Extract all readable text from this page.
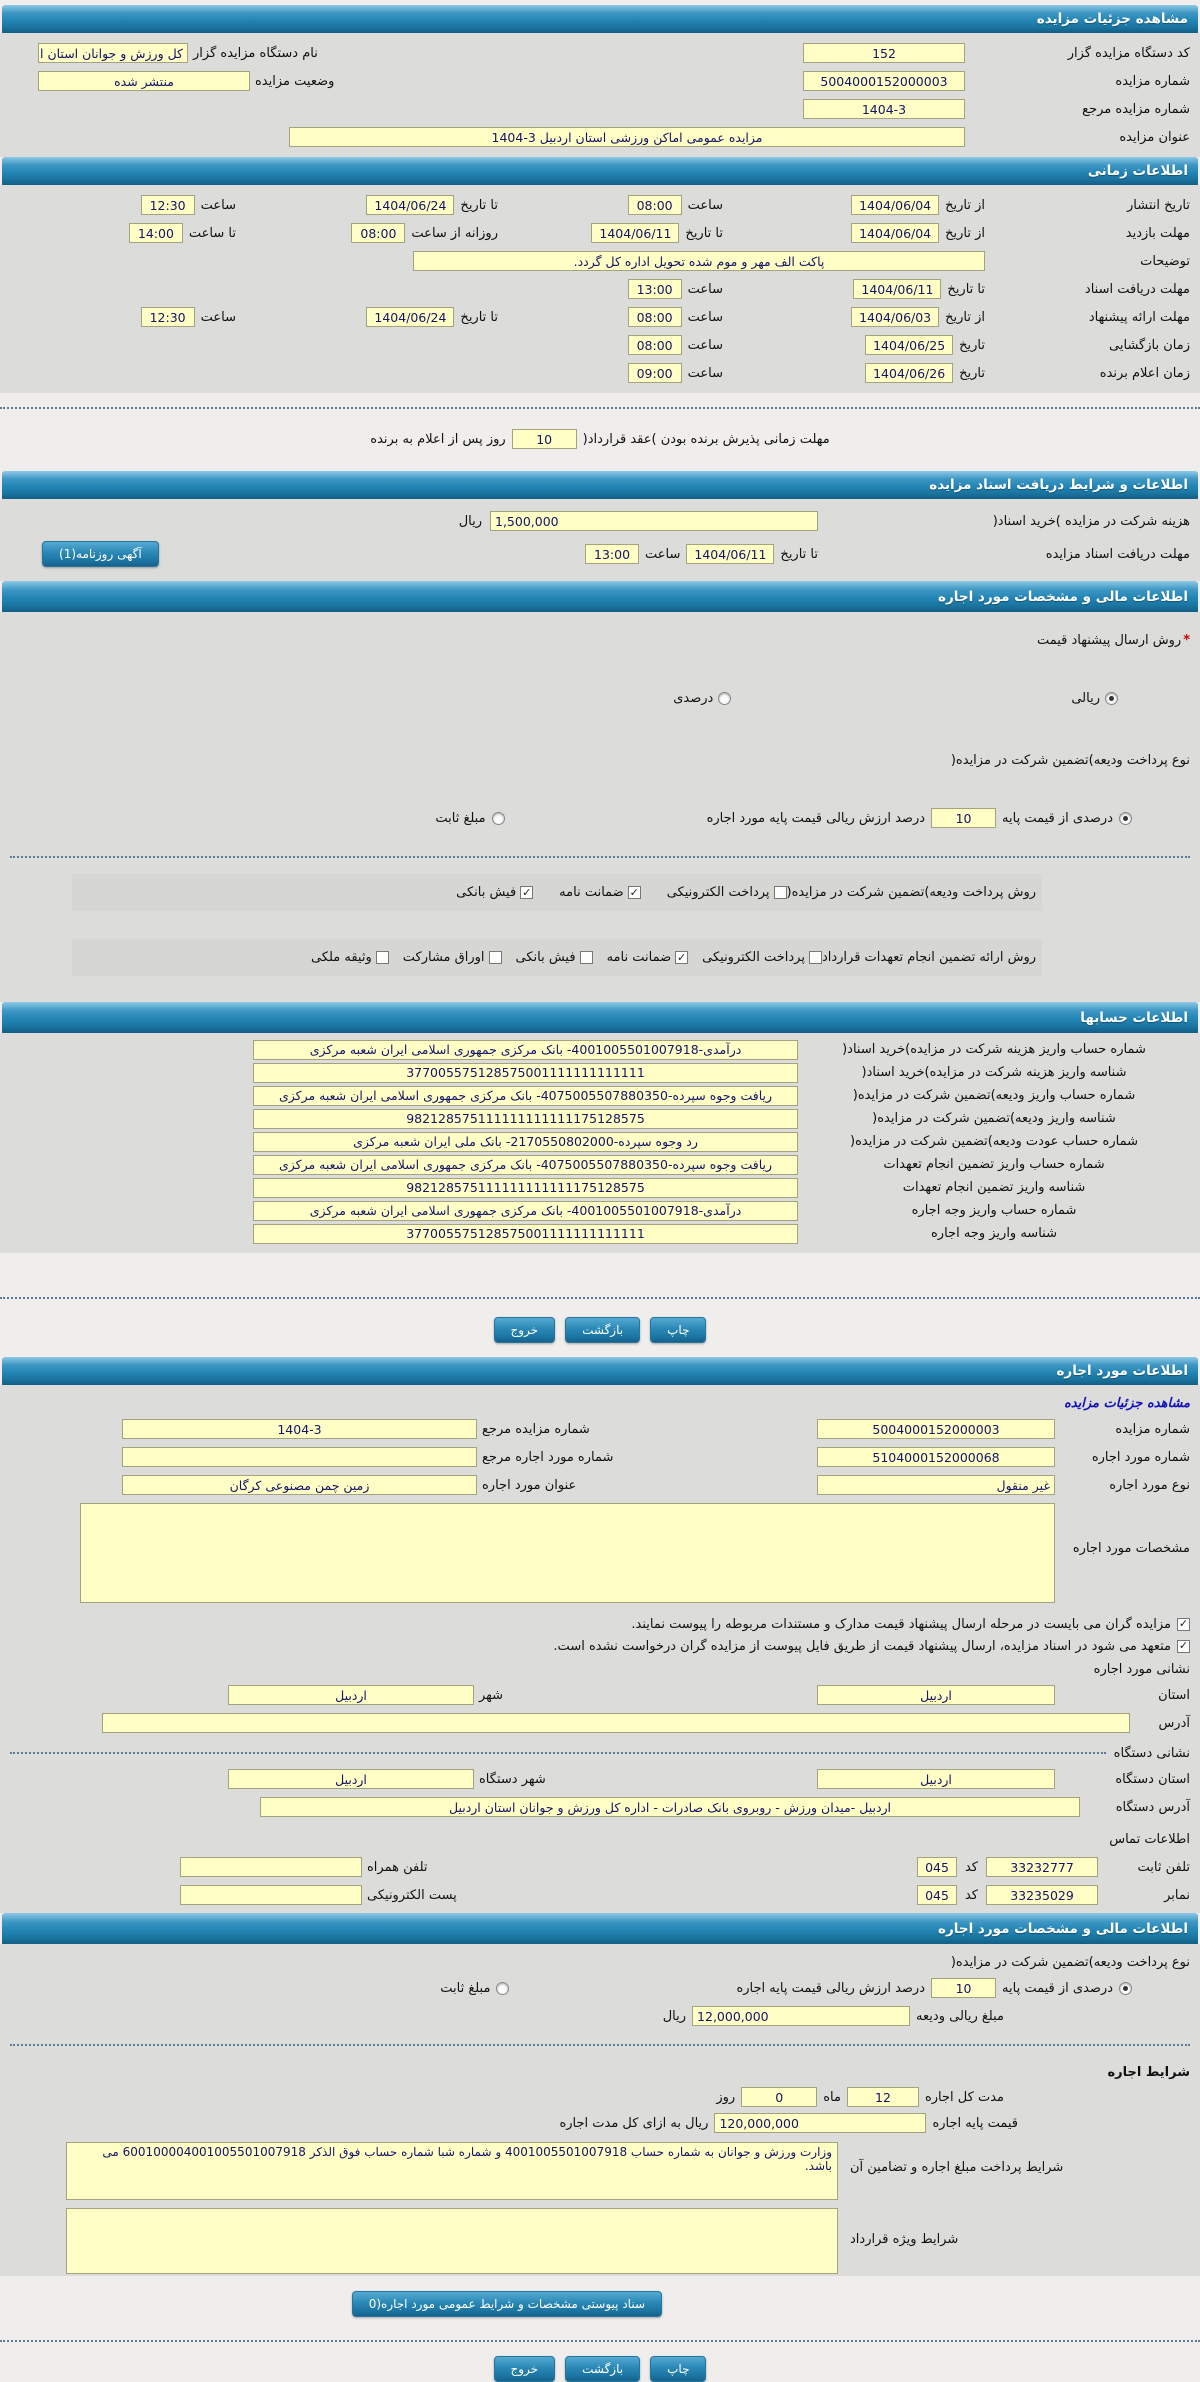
مشاهده جزئیات مزایده
کد دستگاه مزایده گزار
152
نام دستگاه مزایده گزار
کل ورزش و جوانان استان ا
شماره مزایده
5004000152000003
وضعیت مزایده
منتشر شده
شماره مزایده مرجع
1404-3
عنوان مزایده
مزایده عمومی اماکن ورزشی استان اردبیل 3-1404
اطلاعات زمانی
تاریخ انتشار
از تاریخ
1404/06/04
ساعت
08:00
تا تاریخ
1404/06/24
ساعت
12:30
مهلت بازدید
از تاریخ
1404/06/04
تا تاریخ
1404/06/11
روزانه از ساعت
08:00
تا ساعت
14:00
توضیحات
پاکت الف مهر و موم شده تحویل اداره کل گردد.
مهلت دریافت اسناد
تا تاریخ
1404/06/11
ساعت
13:00
مهلت ارائه پیشنهاد
از تاریخ
1404/06/03
ساعت
08:00
تا تاریخ
1404/06/24
ساعت
12:30
زمان بازگشایی
تاریخ
1404/06/25
ساعت
08:00
زمان اعلام برنده
تاریخ
1404/06/26
ساعت
09:00
مهلت زمانی پذیرش برنده بودن )عقد قرارداد(
10
روز پس از اعلام به برنده
اطلاعات و شرایط دریافت اسناد مزایده
هزینه شرکت در مزایده )خرید اسناد(
1,500,000
ریال
مهلت دریافت اسناد مزایده
تا تاریخ
1404/06/11
ساعت
13:00
آگهی روزنامه(1)
اطلاعات مالی و مشخصات مورد اجاره
*
روش ارسال پیشنهاد قیمت
ریالی
درصدی
نوع پرداخت ودیعه)تضمین شرکت در مزایده(
درصدی از قیمت پایه
10
درصد ارزش ریالی قیمت پایه مورد اجاره
مبلغ ثابت
روش پرداخت ودیعه)تضمین شرکت در مزایده(
پرداخت الکترونیکی
✓
ضمانت نامه
✓
فیش بانکی
روش ارائه تضمین انجام تعهدات قرارداد
پرداخت الکترونیکی
✓
ضمانت نامه
فیش بانکی
اوراق مشارکت
وثیقه ملکی
اطلاعات حسابها
شماره حساب واریز هزینه شرکت در مزایده)خرید اسناد(
درآمدی-4001005501007918- بانک مرکزی جمهوری اسلامی ایران شعبه مرکزی
شناسه واریز هزینه شرکت در مزایده)خرید اسناد(
377005575128575001111111111111
شماره حساب واریز ودیعه)تضمین شرکت در مزایده(
ریافت وجوه سپرده-4075005507880350- بانک مرکزی جمهوری اسلامی ایران شعبه مرکزی
شناسه واریز ودیعه)تضمین شرکت در مزایده(
982128575111111111111175128575
شماره حساب عودت ودیعه)تضمین شرکت در مزایده(
رد وجوه سپرده-2170550802000- بانک ملی ایران شعبه مرکزی
شماره حساب واریز تضمین انجام تعهدات
ریافت وجوه سپرده-4075005507880350- بانک مرکزی جمهوری اسلامی ایران شعبه مرکزی
شناسه واریز تضمین انجام تعهدات
982128575111111111111175128575
شماره حساب واریز وجه اجاره
درآمدی-4001005501007918- بانک مرکزی جمهوری اسلامی ایران شعبه مرکزی
شناسه واریز وجه اجاره
377005575128575001111111111111
چاپ
بازگشت
خروج
اطلاعات مورد اجاره
مشاهده جزئیات مزایده
شماره مزایده
5004000152000003
شماره مزایده مرجع
1404-3
شماره مورد اجاره
5104000152000068
شماره مورد اجاره مرجع
نوع مورد اجاره
غیر منقول
عنوان مورد اجاره
زمین چمن مصنوعی کرگان
مشخصات مورد اجاره
✓
مزایده گران می بایست در مرحله ارسال پیشنهاد قیمت مدارک و مستندات مربوطه را پیوست نمایند.
✓
متعهد می شود در اسناد مزایده، ارسال پیشنهاد قیمت از طریق فایل پیوست از مزایده گران درخواست نشده است.
نشانی مورد اجاره
استان
اردبیل
شهر
اردبیل
آدرس
نشانی دستگاه
استان دستگاه
اردبیل
شهر دستگاه
اردبیل
آدرس دستگاه
اردبیل -میدان ورزش - روبروی بانک صادرات - اداره کل ورزش و جوانان استان اردبیل
اطلاعات تماس
تلفن ثابت
33232777
کد
045
تلفن همراه
نمابر
33235029
کد
045
پست الکترونیکی
اطلاعات مالی و مشخصات مورد اجاره
نوع پرداخت ودیعه)تضمین شرکت در مزایده(
درصدی از قیمت پایه
10
درصد ارزش ریالی قیمت پایه اجاره
مبلغ ثابت
مبلغ ریالی ودیعه
12,000,000
ریال
شرایط اجاره
مدت کل اجاره
12
ماه
0
روز
قیمت پایه اجاره
120,000,000
ریال به ازای کل مدت اجاره
شرایط پرداخت مبلغ اجاره و تضامین آن
وزارت ورزش و جوانان به شماره حساب 4001005501007918 و شماره شبا شماره حساب فوق الذکر 600100004001005501007918 می باشد.
شرایط ویژه قرارداد
سناد پیوستی مشخصات و شرایط عمومی مورد اجاره(0
چاپ
بازگشت
خروج
